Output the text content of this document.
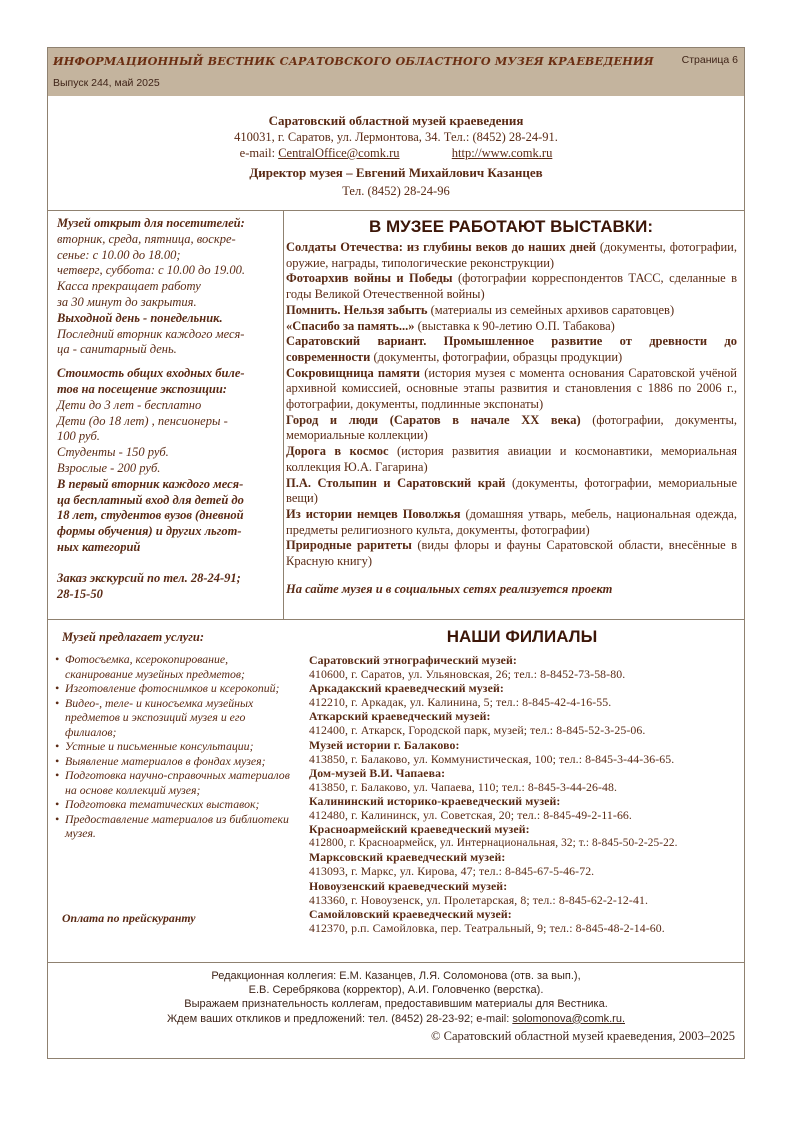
ИНФОРМАЦИОННЫЙ ВЕСТНИК САРАТОВСКОГО ОБЛАСТНОГО МУЗЕЯ КРАЕВЕДЕНИЯ
Выпуск 244, май 2025
Страница 6
Саратовский областной музей краеведения
410031, г. Саратов, ул. Лермонтова, 34. Тел.: (8452) 28-24-91.
e-mail: CentralOffice@comk.ru	http://www.comk.ru
Директор музея – Евгений Михайлович Казанцев
Тел. (8452) 28-24-96

Музей открыт для посетителей:

вторник, среда, пятница, воскре-

сенье: с 10.00 до 18.00;

четверг, суббота: с 10.00 до 19.00.

Касса прекращает работу

за 30 минут до закрытия.

Выходной день - понедельник.

Последний вторник каждого меся-

ца - санитарный день.

Стоимость общих входных биле-

тов на посещение экспозиции:

Дети до 3 лет - бесплатно

Дети (до 18 лет) , пенсионеры -

100 руб.

Студенты - 150 руб.

Взрослые - 200 руб.

В первый вторник каждого меся-

ца бесплатный вход для детей до

18 лет, студентов вузов (дневной

формы обучения) и других льгот-

ных категорий

Заказ экскурсий по тел. 28-24-91;

28-15-50

В МУЗЕЕ РАБОТАЮТ ВЫСТАВКИ:

Солдаты Отечества: из глубины веков до наших дней (документы, фотографии, оружие, награды, типологические реконструкции)

Фотоархив войны и Победы (фотографии корреспондентов ТАСС, сделанные в годы Великой Отечественной войны)

Помнить. Нельзя забыть (материалы из семейных архивов саратовцев)

«Спасибо за память...» (выставка к 90-летию О.П. Табакова)

Саратовский вариант. Промышленное развитие от древности до современности (документы, фотографии, образцы продукции)

Сокровищница памяти (история музея с момента основания Саратовской учёной архивной комиссией, основные этапы развития и становления с 1886 по 2006 г., фотографии, документы, подлинные экспонаты)

Город и люди (Саратов в начале XX века) (фотографии, документы, мемориальные коллекции)

Дорога в космос (история развития авиации и космонавтики, мемориальная коллекция Ю.А. Гагарина)

П.А. Столыпин и Саратовский край (документы, фотографии, мемориальные вещи)

Из истории немцев Поволжья (домашняя утварь, мебель, национальная одежда, предметы религиозного культа, документы, фотографии)

Природные раритеты (виды флоры и фауны Саратовской области, внесённые в Красную книгу)

На сайте музея и в социальных сетях реализуется проект

Музей предлагает услуги:
• Фотосъемка, ксерокопирование, сканирование музейных предметов;
• Изготовление фотоснимков и ксерокопий;
• Видео-, теле- и киносъемка музейных предметов и экспозиций музея и его филиалов;
• Устные и письменные консультации;
• Выявление материалов в фондах музея;
• Подготовка научно-справочных материалов на основе коллекций музея;
• Подготовка тематических выставок;
• Предоставление материалов из библиотеки музея.
Оплата по прейскуранту
НАШИ ФИЛИАЛЫ
Саратовский этнографический музей:
410600, г. Саратов, ул. Ульяновская, 26; тел.: 8-8452-73-58-80.
Аркадакский краеведческий музей:
412210, г. Аркадак, ул. Калинина, 5; тел.: 8-845-42-4-16-55.
Аткарский краеведческий музей:
412400, г. Аткарск, Городской парк, музей; тел.: 8-845-52-3-25-06.
Музей истории г. Балаково:
413850, г. Балаково, ул. Коммунистическая, 100; тел.: 8-845-3-44-36-65.
Дом-музей В.И. Чапаева:
413850, г. Балаково, ул. Чапаева, 110; тел.: 8-845-3-44-26-48.
Калининский историко-краеведческий музей:
412480, г. Калининск, ул. Советская, 20; тел.: 8-845-49-2-11-66.
Красноармейский краеведческий музей:
412800, г. Красноармейск, ул. Интернациональная, 32; т.: 8-845-50-2-25-22.
Марксовский краеведческий музей:
413093, г. Маркс, ул. Кирова, 47; тел.: 8-845-67-5-46-72.
Новоузенский краеведческий музей:
413360, г. Новоузенск, ул. Пролетарская, 8; тел.: 8-845-62-2-12-41.
Самойловский краеведческий музей:
412370, р.п. Самойловка, пер. Театральный, 9; тел.: 8-845-48-2-14-60.
Редакционная коллегия: Е.М. Казанцев, Л.Я. Соломонова (отв. за вып.),
Е.В. Серебрякова (корректор), А.И. Головченко (верстка).
Выражаем признательность коллегам, предоставившим материалы для Вестника.
Ждем ваших откликов и предложений: тел. (8452) 28-23-92; e-mail: solomonova@comk.ru.
© Саратовский областной музей краеведения, 2003–2025
